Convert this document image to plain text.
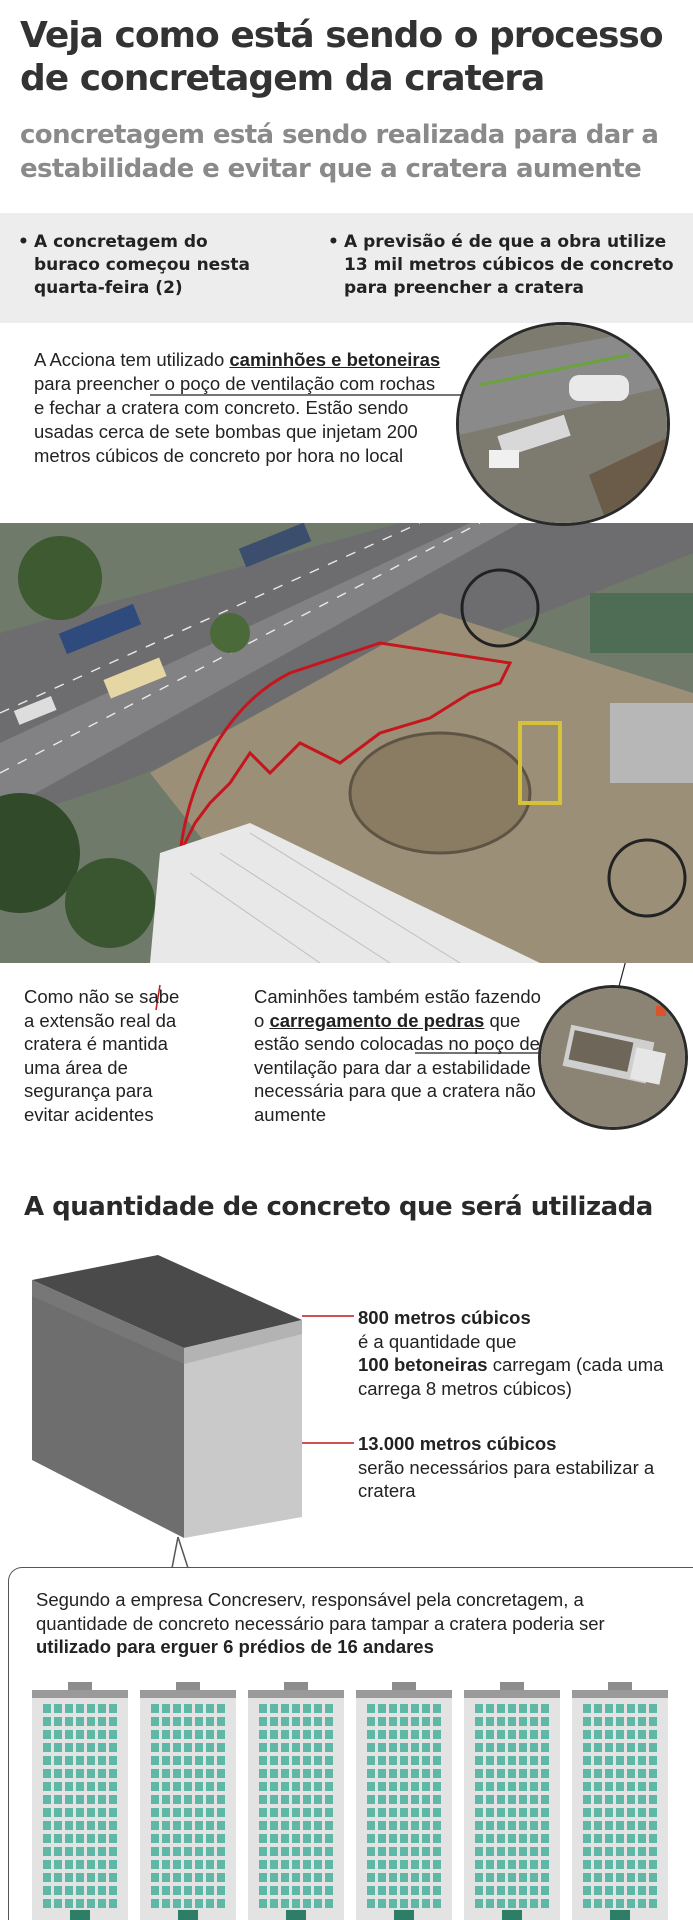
Veja como está sendo o processo
de concretagem da cratera
concretagem está sendo realizada para dar a
estabilidade e evitar que a cratera aumente
• A concretagem do buraco começou nesta quarta-feira (2)
• A previsão é de que a obra utilize 13 mil metros cúbicos de concreto para preencher a cratera
A Acciona tem utilizado caminhões e betoneiras para preencher o poço de ventilação com rochas e fechar a cratera com concreto. Estão sendo usadas cerca de sete bombas que injetam 200 metros cúbicos de concreto por hora no local
Como não se sabe a extensão real da cratera é mantida uma área de segurança para evitar acidentes
Caminhões também estão fazendo o carregamento de pedras que estão sendo colocadas no poço de ventilação para dar a estabilidade necessária para que a cratera não aumente
A quantidade de concreto que será utilizada
800 metros cúbicos
é a quantidade que
100 betoneiras carregam (cada uma carrega 8 metros cúbicos)
13.000 metros cúbicos
serão necessários para estabilizar a cratera
Segundo a empresa Concreserv, responsável pela concretagem, a quantidade de concreto necessário para tampar a cratera poderia ser utilizado para erguer 6 prédios de 16 andares
